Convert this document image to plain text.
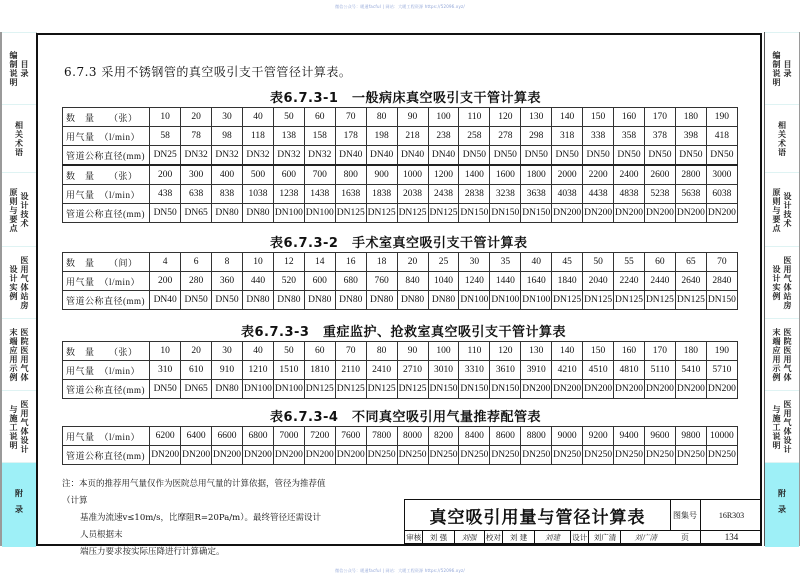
微信公众号：暖通facful | 网站：大暖工程资源 https://52096.xyz/
编制说明 目录
相关术语
原则与要点 设计技术
设计实例 医用气体站房
末端应用示例 医院医用气体
与施工说明 医用气体设计
附录
编制说明 目录
相关术语
原则与要点 设计技术
设计实例 医用气体站房
末端应用示例 医院医用气体
与施工说明 医用气体设计
附录
6.7.3 采用不锈钢管的真空吸引支干管管径计算表。
表6.7.3-1　一般病床真空吸引支干管计算表
数　量　　（张）	10	20	30	40	50	60	70	80	90	100	110	120	130	140	150	160	170	180	190
用气量　（l/min）	58	78	98	118	138	158	178	198	218	238	258	278	298	318	338	358	378	398	418
管道公称直径(mm)	DN25	DN32	DN32	DN32	DN32	DN32	DN40	DN40	DN40	DN40	DN50	DN50	DN50	DN50	DN50	DN50	DN50	DN50	DN50
数　量　　（张）	200	300	400	500	600	700	800	900	1000	1200	1400	1600	1800	2000	2200	2400	2600	2800	3000
用气量　（l/min）	438	638	838	1038	1238	1438	1638	1838	2038	2438	2838	3238	3638	4038	4438	4838	5238	5638	6038
管道公称直径(mm)	DN50	DN65	DN80	DN80	DN100	DN100	DN125	DN125	DN125	DN125	DN150	DN150	DN150	DN200	DN200	DN200	DN200	DN200	DN200
表6.7.3-2　手术室真空吸引支干管计算表
数　量　　（间）	4	6	8	10	12	14	16	18	20	25	30	35	40	45	50	55	60	65	70
用气量　（l/min）	200	280	360	440	520	600	680	760	840	1040	1240	1440	1640	1840	2040	2240	2440	2640	2840
管道公称直径(mm)	DN40	DN50	DN50	DN80	DN80	DN80	DN80	DN80	DN80	DN80	DN100	DN100	DN100	DN125	DN125	DN125	DN125	DN125	DN150
表6.7.3-3　重症监护、抢救室真空吸引支干管计算表
数　量　　（张）	10	20	30	40	50	60	70	80	90	100	110	120	130	140	150	160	170	180	190
用气量　（l/min）	310	610	910	1210	1510	1810	2110	2410	2710	3010	3310	3610	3910	4210	4510	4810	5110	5410	5710
管道公称直径(mm)	DN50	DN65	DN80	DN100	DN100	DN125	DN125	DN125	DN125	DN150	DN150	DN150	DN200	DN200	DN200	DN200	DN200	DN200	DN200
表6.7.3-4　不同真空吸引用气量推荐配管表
用气量　（l/min）	6200	6400	6600	6800	7000	7200	7600	7800	8000	8200	8400	8600	8800	9000	9200	9400	9600	9800	10000
管道公称直径(mm)	DN200	DN200	DN200	DN200	DN200	DN200	DN200	DN250	DN250	DN250	DN250	DN250	DN250	DN250	DN250	DN250	DN250	DN250	DN250
注：本页的推荐用气量仅作为医院总用气量的计算依据，管径为推荐值（计算
基准为流速v≤10m/s，比摩阻R=20Pa/m）。最终管径还需设计人员根据末
端压力要求按实际压降进行计算确定。
真空吸引用量与管径计算表	图集号	16R303
页	134
审核	刘 强	刘强	校对	刘 建	刘建	设计 刘广清	刘广清
微信公众号：暖通facful | 网站：大暖工程资源 https://52096.xyz/
